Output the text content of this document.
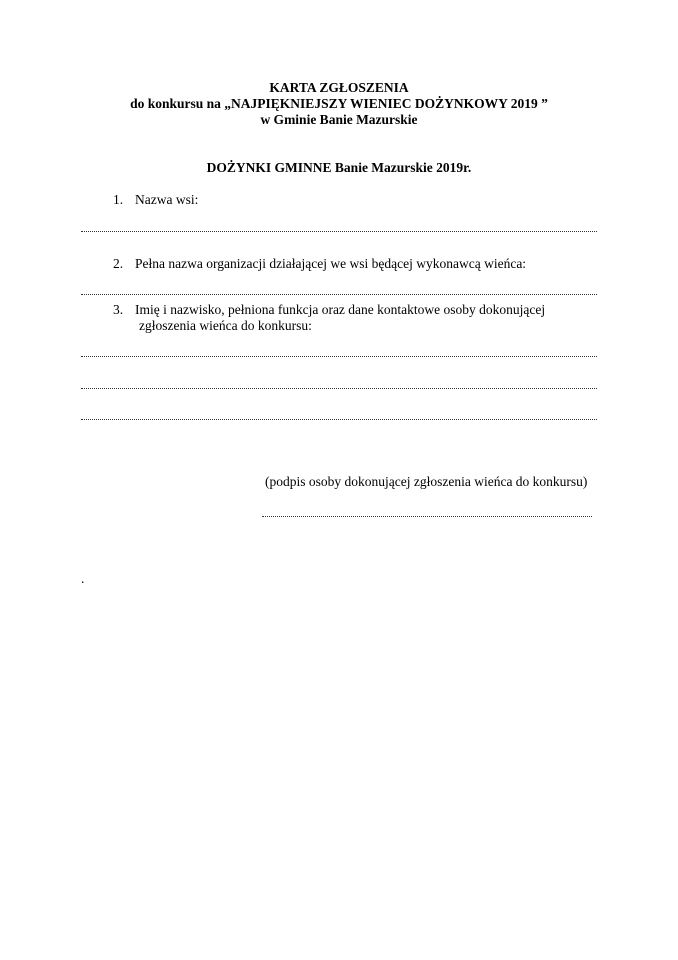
KARTA ZGŁOSZENIA
do konkursu na „NAJPIĘKNIEJSZY WIENIEC DOŻYNKOWY 2019 ”
w Gminie Banie Mazurskie
DOŻYNKI GMINNE Banie Mazurskie 2019r.
1. Nazwa wsi:
2. Pełna nazwa organizacji działającej we wsi będącej wykonawcą wieńca:
3. Imię i nazwisko, pełniona funkcja oraz dane kontaktowe osoby dokonującej
zgłoszenia wieńca do konkursu:
(podpis osoby dokonującej zgłoszenia wieńca do konkursu)
.
